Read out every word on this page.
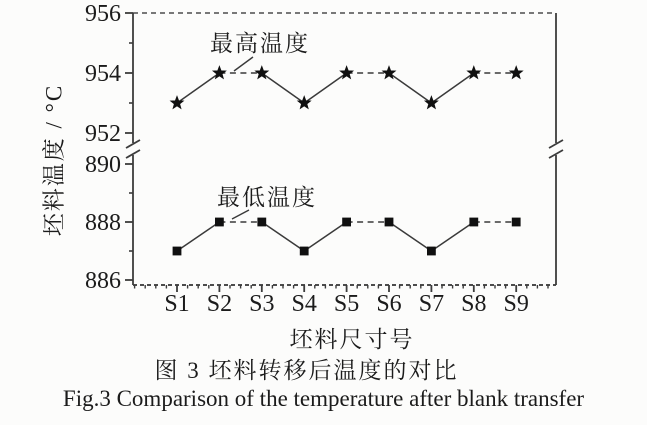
956
954
952
890
888
886
S1 S2 S3 S4 S5 S6 S7 S8 S9
最高温度
最低温度
坯料温度 / °C
坯料尺寸号
图 3 坯料转移后温度的对比
Fig.3 Comparison of the temperature after blank transfer
